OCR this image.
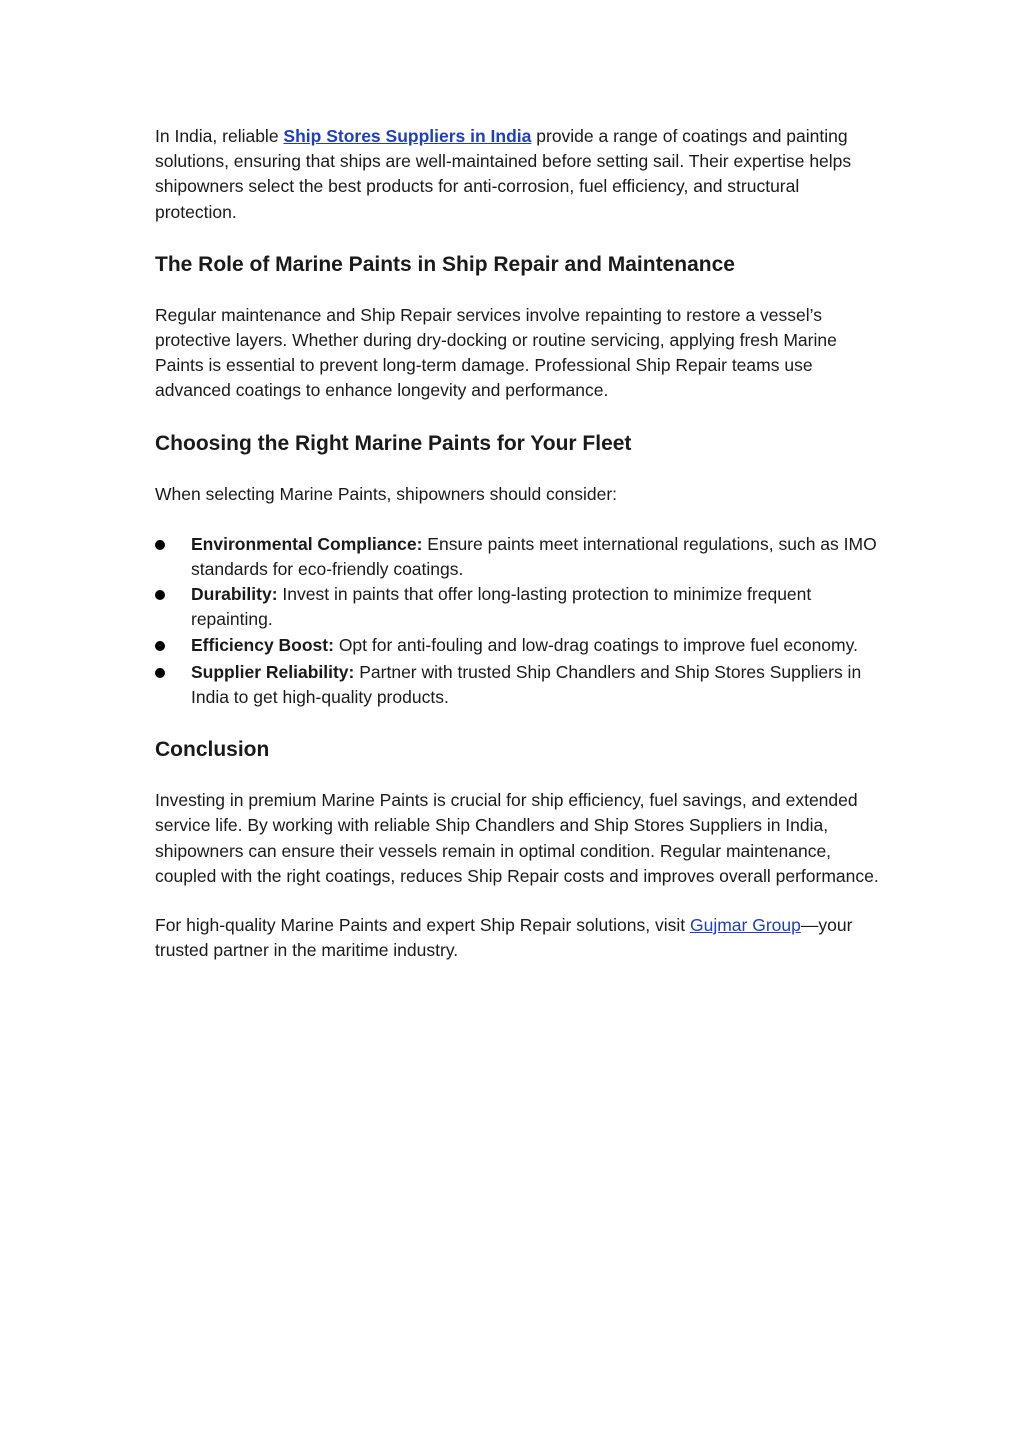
In India, reliable Ship Stores Suppliers in India provide a range of coatings and painting solutions, ensuring that ships are well-maintained before setting sail. Their expertise helps shipowners select the best products for anti-corrosion, fuel efficiency, and structural protection.

The Role of Marine Paints in Ship Repair and Maintenance

Regular maintenance and Ship Repair services involve repainting to restore a vessel’s protective layers. Whether during dry-docking or routine servicing, applying fresh Marine Paints is essential to prevent long-term damage. Professional Ship Repair teams use advanced coatings to enhance longevity and performance.

Choosing the Right Marine Paints for Your Fleet

When selecting Marine Paints, shipowners should consider:

Environmental Compliance: Ensure paints meet international regulations, such as IMO standards for eco-friendly coatings.
Durability: Invest in paints that offer long-lasting protection to minimize frequent repainting.
Efficiency Boost: Opt for anti-fouling and low-drag coatings to improve fuel economy.
Supplier Reliability: Partner with trusted Ship Chandlers and Ship Stores Suppliers in India to get high-quality products.
Conclusion

Investing in premium Marine Paints is crucial for ship efficiency, fuel savings, and extended service life. By working with reliable Ship Chandlers and Ship Stores Suppliers in India, shipowners can ensure their vessels remain in optimal condition. Regular maintenance, coupled with the right coatings, reduces Ship Repair costs and improves overall performance.

For high-quality Marine Paints and expert Ship Repair solutions, visit Gujmar Group—your trusted partner in the maritime industry.
